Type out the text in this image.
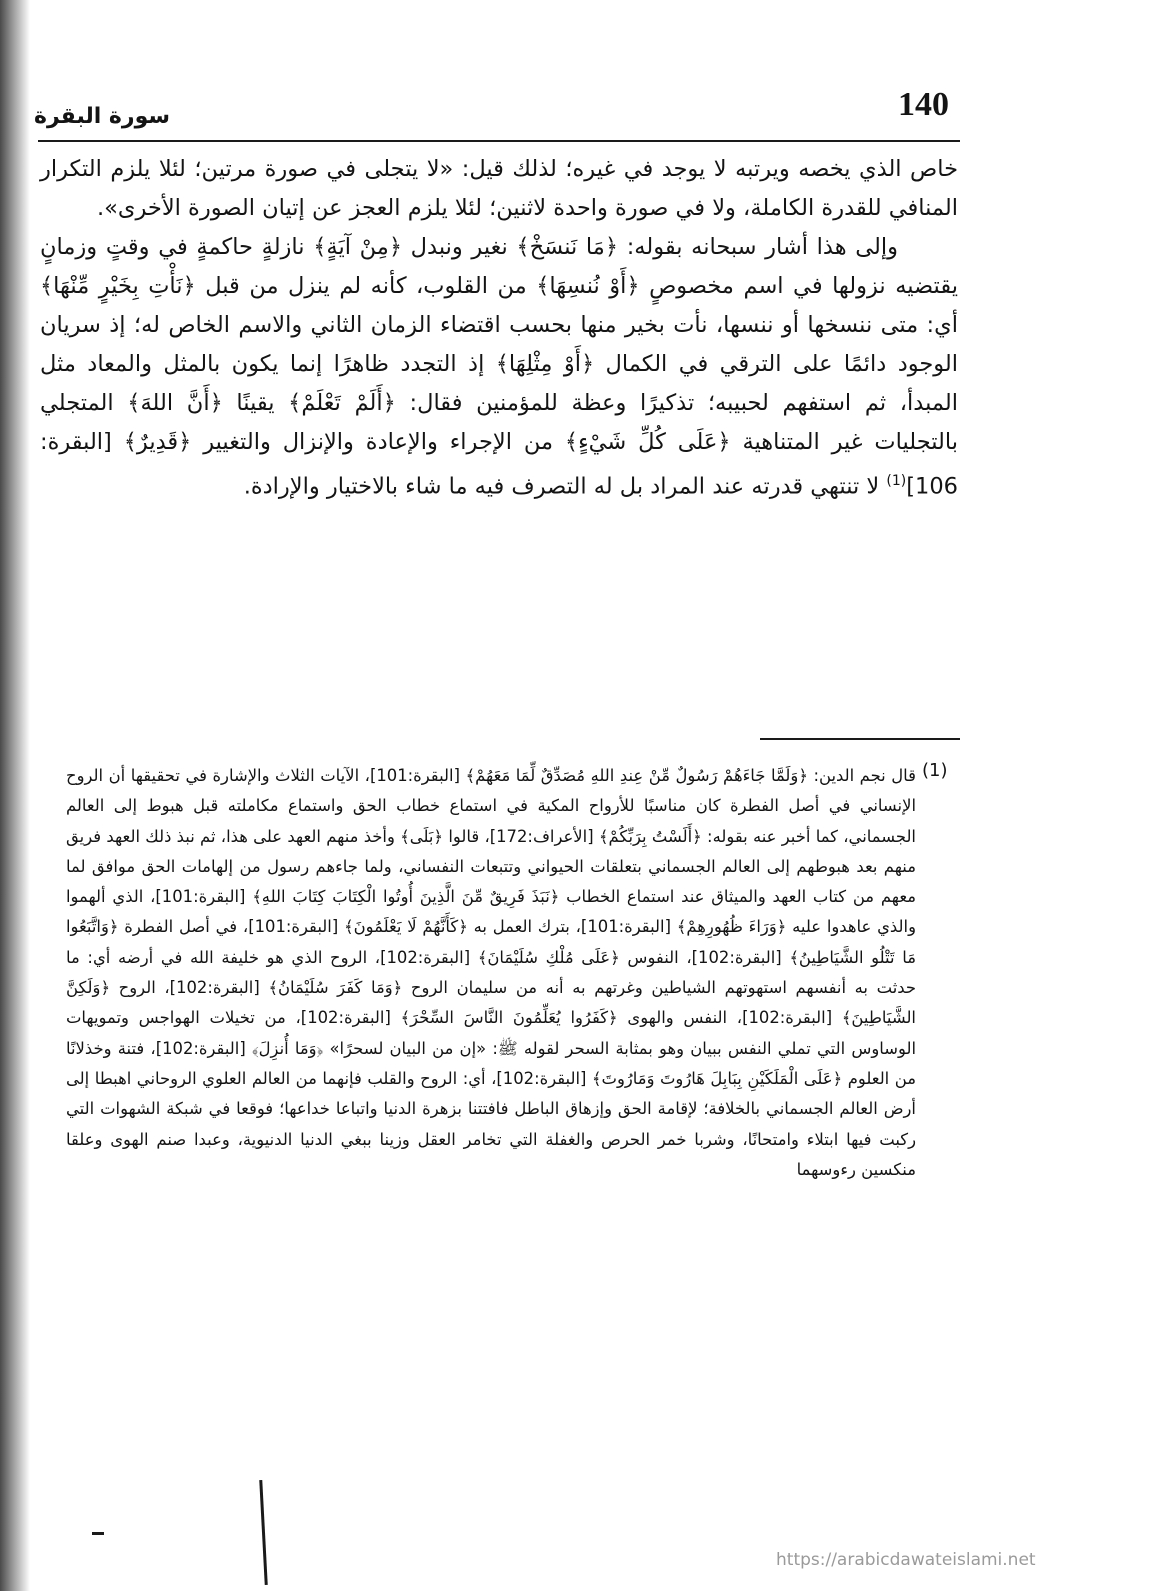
140
سورة البقرة

خاص الذي يخصه ويرتبه لا يوجد في غيره؛ لذلك قيل: «لا يتجلى في صورة مرتين؛ لئلا يلزم التكرار المنافي للقدرة الكاملة، ولا في صورة واحدة لاثنين؛ لئلا يلزم العجز عن إتيان الصورة الأخرى».

وإلى هذا أشار سبحانه بقوله: ﴿مَا نَنسَخْ﴾ نغير ونبدل ﴿مِنْ آيَةٍ﴾ نازلةٍ حاكمةٍ في وقتٍ وزمانٍ يقتضيه نزولها في اسم مخصوصٍ ﴿أَوْ نُنسِهَا﴾ من القلوب، كأنه لم ينزل من قبل ﴿نَأْتِ بِخَيْرٍ مِّنْهَا﴾ أي: متى ننسخها أو ننسها، نأت بخير منها بحسب اقتضاء الزمان الثاني والاسم الخاص له؛ إذ سريان الوجود دائمًا على الترقي في الكمال ﴿أَوْ مِثْلِهَا﴾ إذ التجدد ظاهرًا إنما يكون بالمثل والمعاد مثل المبدأ، ثم استفهم لحبيبه؛ تذكيرًا وعظة للمؤمنين فقال: ﴿أَلَمْ تَعْلَمْ﴾ يقينًا ﴿أَنَّ اللهَ﴾ المتجلي بالتجليات غير المتناهية ﴿عَلَى كُلِّ شَيْءٍ﴾ من الإجراء والإعادة والإنزال والتغيير ﴿قَدِيرٌ﴾ [البقرة: 106]$^{(1)}$ لا تنتهي قدرته عند المراد بل له التصرف فيه ما شاء بالاختيار والإرادة.

(1)

قال نجم الدين: ﴿وَلَمَّا جَاءَهُمْ رَسُولٌ مِّنْ عِندِ اللهِ مُصَدِّقٌ لِّمَا مَعَهُمْ﴾ [البقرة:101]، الآيات الثلاث والإشارة في تحقيقها أن الروح الإنساني في أصل الفطرة كان مناسبًا للأرواح المكية في استماع خطاب الحق واستماع مكاملته قبل هبوط إلى العالم الجسماني، كما أخبر عنه بقوله: ﴿أَلَسْتُ بِرَبِّكُمْ﴾ [الأعراف:172]، قالوا ﴿بَلَى﴾ وأخذ منهم العهد على هذا، ثم نبذ ذلك العهد فريق منهم بعد هبوطهم إلى العالم الجسماني بتعلقات الحيواني وتتبعات النفساني، ولما جاءهم رسول من إلهامات الحق موافق لما معهم من كتاب العهد والميثاق عند استماع الخطاب ﴿نَبَذَ فَرِيقٌ مِّنَ الَّذِينَ أُوتُوا الْكِتَابَ كِتَابَ اللهِ﴾ [البقرة:101]، الذي ألهموا والذي عاهدوا عليه ﴿وَرَاءَ ظُهُورِهِمْ﴾ [البقرة:101]، بترك العمل به ﴿كَأَنَّهُمْ لَا يَعْلَمُونَ﴾ [البقرة:101]، في أصل الفطرة ﴿وَاتَّبَعُوا مَا تَتْلُو الشَّيَاطِينُ﴾ [البقرة:102]، النفوس ﴿عَلَى مُلْكِ سُلَيْمَانَ﴾ [البقرة:102]، الروح الذي هو خليفة الله في أرضه أي: ما حدثت به أنفسهم استهوتهم الشياطين وغرتهم به أنه من سليمان الروح ﴿وَمَا كَفَرَ سُلَيْمَانُ﴾ [البقرة:102]، الروح ﴿وَلَكِنَّ الشَّيَاطِينَ﴾ [البقرة:102]، النفس والهوى ﴿كَفَرُوا يُعَلِّمُونَ النَّاسَ السِّحْرَ﴾ [البقرة:102]، من تخيلات الهواجس وتمويهات الوساوس التي تملي النفس ببيان وهو بمثابة السحر لقوله ﷺ: «إن من البيان لسحرًا» ﴿وَمَا أُنزِلَ﴾ [البقرة:102]، فتنة وخذلانًا من العلوم ﴿عَلَى الْمَلَكَيْنِ بِبَابِلَ هَارُوتَ وَمَارُوتَ﴾ [البقرة:102]، أي: الروح والقلب فإنهما من العالم العلوي الروحاني اهبطا إلى أرض العالم الجسماني بالخلافة؛ لإقامة الحق وإزهاق الباطل فافتتنا بزهرة الدنيا واتباعا خداعها؛ فوقعا في شبكة الشهوات التي ركبت فيها ابتلاء وامتحانًا، وشربا خمر الحرص والغفلة التي تخامر العقل وزينا ببغي الدنيا الدنيوية، وعبدا صنم الهوى وعلقا منكسين رءوسهما

https://arabicdawateislami.net
